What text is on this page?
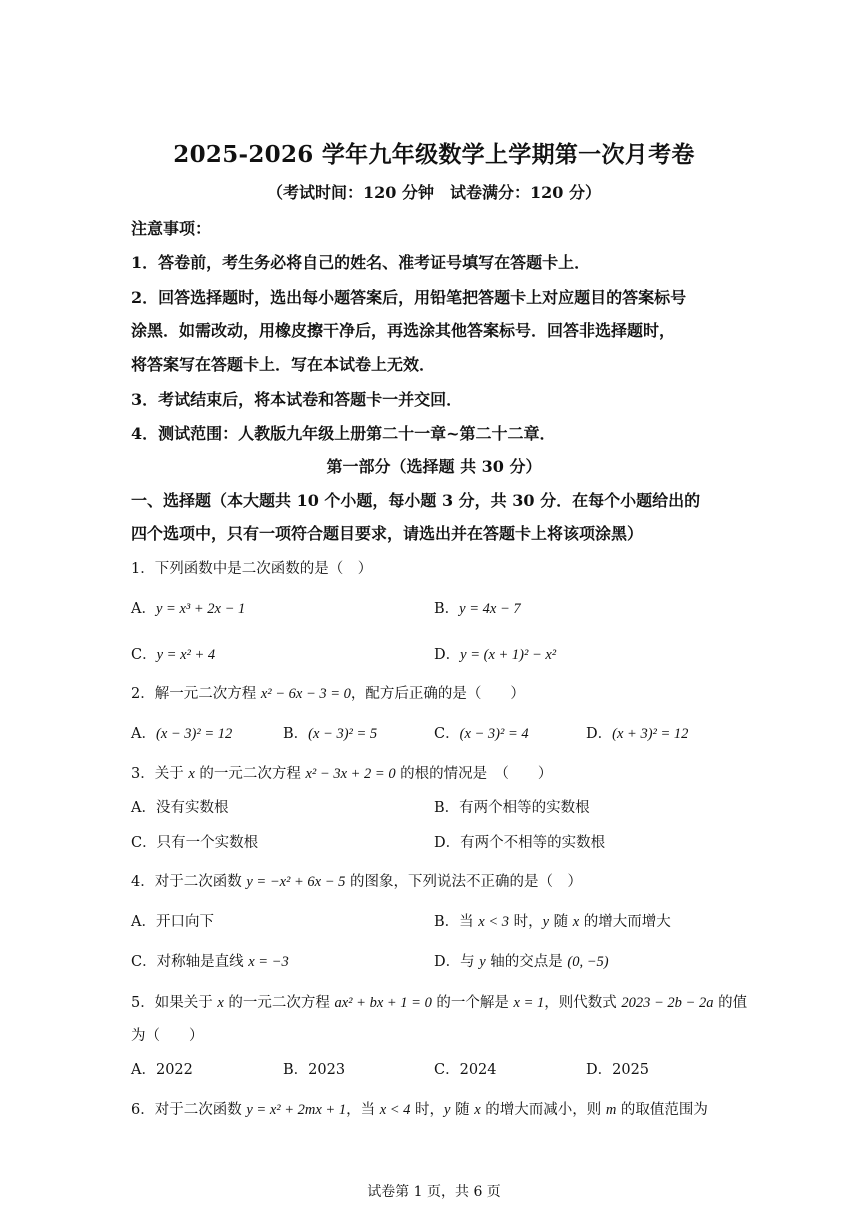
2025-2026 学年九年级数学上学期第一次月考卷
（考试时间：120 分钟　试卷满分：120 分）
注意事项：
1．答卷前，考生务必将自己的姓名、准考证号填写在答题卡上．
2．回答选择题时，选出每小题答案后，用铅笔把答题卡上对应题目的答案标号
涂黑．如需改动，用橡皮擦干净后，再选涂其他答案标号．回答非选择题时，
将答案写在答题卡上．写在本试卷上无效．
3．考试结束后，将本试卷和答题卡一并交回．
4．测试范围：人教版九年级上册第二十一章~第二十二章．
第一部分（选择题 共 30 分）
一、选择题（本大题共 10 个小题，每小题 3 分，共 30 分．在每个小题给出的
四个选项中，只有一项符合题目要求，请选出并在答题卡上将该项涂黑）
1．下列函数中是二次函数的是（　）
A．y = x³ + 2x − 1	B．y = 4x − 7
C．y = x² + 4	D．y = (x + 1)² − x²
2．解一元二次方程 x² − 6x − 3 = 0，配方后正确的是（　　）
A．(x − 3)² = 12	B．(x − 3)² = 5	C．(x − 3)² = 4	D．(x + 3)² = 12
3．关于 x 的一元二次方程 x² − 3x + 2 = 0 的根的情况是　（　　）
A．没有实数根	B．有两个相等的实数根
C．只有一个实数根	D．有两个不相等的实数根
4．对于二次函数 y = −x² + 6x − 5 的图象，下列说法不正确的是（　）
A．开口向下	B．当 x < 3 时，y 随 x 的增大而增大
C．对称轴是直线 x = −3	D．与 y 轴的交点是 (0, −5)
5．如果关于 x 的一元二次方程 ax² + bx + 1 = 0 的一个解是 x = 1，则代数式 2023 − 2b − 2a 的值
为（　　）
A．2022	B．2023	C．2024	D．2025
6．对于二次函数 y = x² + 2mx + 1，当 x < 4 时，y 随 x 的增大而减小，则 m 的取值范围为
试卷第 1 页，共 6 页
